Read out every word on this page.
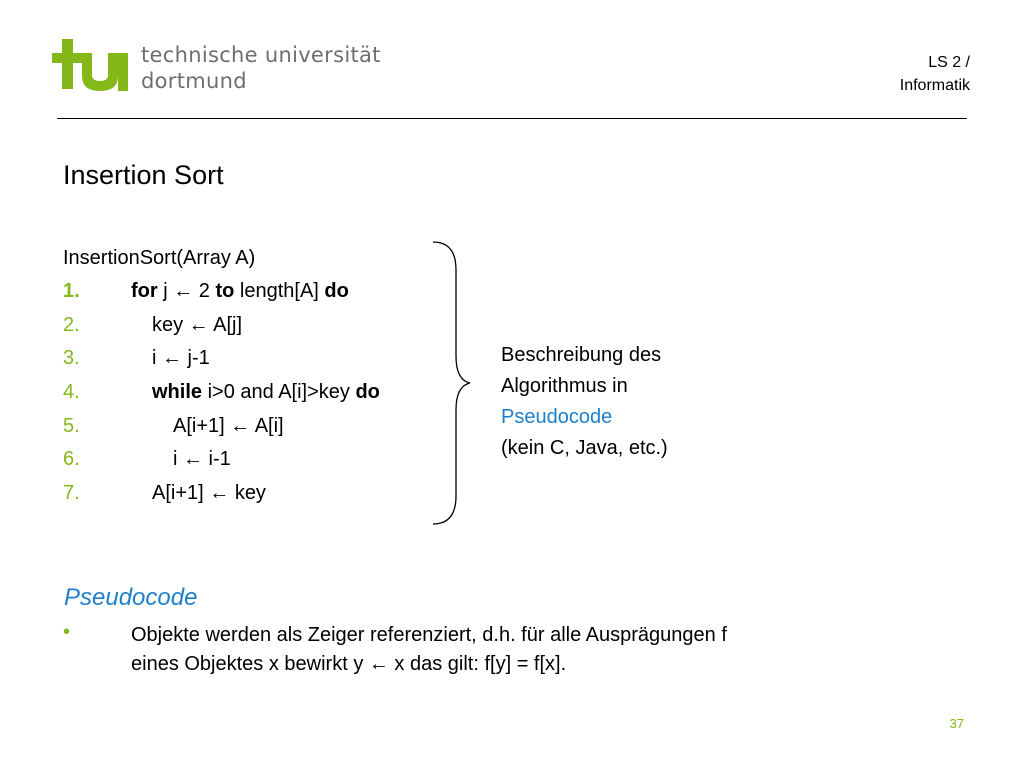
technische universität
dortmund
LS 2 /
Informatik
Insertion Sort
InsertionSort(Array A)
1.	for j ← 2 to length[A] do
2.	key ← A[j]
3.	i ← j-1
4.	while i>0 and A[i]>key do
5.	A[i+1] ← A[i]
6.	i ← i-1
7.	A[i+1] ← key
Beschreibung des
Algorithmus in
Pseudocode
(kein C, Java, etc.)
Pseudocode
•	Objekte werden als Zeiger referenziert, d.h. für alle Ausprägungen f
eines Objektes x bewirkt y ← x das gilt: f[y] = f[x].
37
